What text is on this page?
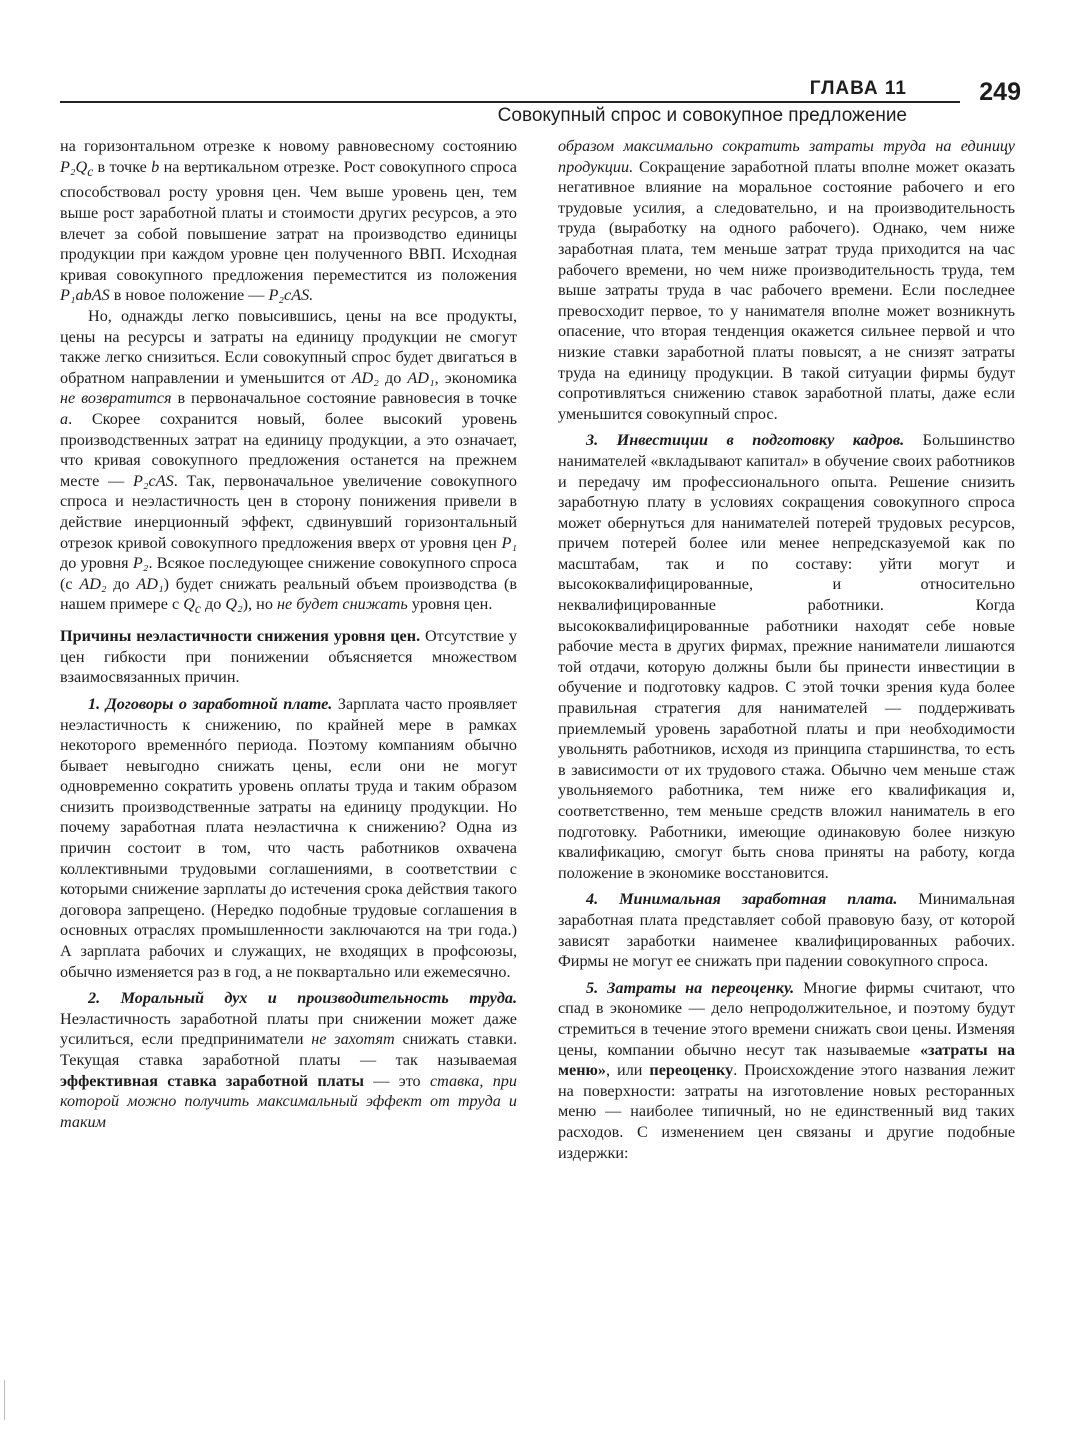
ГЛАВА 11	249
Совокупный спрос и совокупное предложение

на горизонтальном отрезке к новому равновесному состоянию $P_2Q_c$ в точке b на вертикальном отрезке. Рост совокупного спроса способствовал росту уровня цен. Чем выше уровень цен, тем выше рост заработной платы и стоимости других ресурсов, а это влечет за собой повышение затрат на производство единицы продукции при каждом уровне цен полученного ВВП. Исходная кривая совокупного предложения переместится из положения P₁abAS в новое положение — P₂cAS.

Но, однажды легко повысившись, цены на все продукты, цены на ресурсы и затраты на единицу продукции не смогут также легко снизиться. Если совокупный спрос будет двигаться в обратном направлении и уменьшится от AD₂ до AD₁, экономика не возвратится в первоначальное состояние равновесия в точке a. Скорее сохранится новый, более высокий уровень производственных затрат на единицу продукции, а это означает, что кривая совокупного предложения останется на прежнем месте — P₂cAS. Так, первоначальное увеличение совокупного спроса и неэластичность цен в сторону понижения привели в действие инерционный эффект, сдвинувший горизонтальный отрезок кривой совокупного предложения вверх от уровня цен P₁ до уровня P₂. Всякое последующее снижение совокупного спроса (с AD₂ до AD₁) будет снижать реальный объем производства (в нашем примере с $Q_c$ до Q₂), но не будет снижать уровня цен.

Причины неэластичности снижения уровня цен. Отсутствие у цен гибкости при понижении объясняется множеством взаимосвязанных причин.

1. Договоры о заработной плате. Зарплата часто проявляет неэластичность к снижению, по крайней мере в рамках некоторого временнóго периода. Поэтому компаниям обычно бывает невыгодно снижать цены, если они не могут одновременно сократить уровень оплаты труда и таким образом снизить производственные затраты на единицу продукции. Но почему заработная плата неэластична к снижению? Одна из причин состоит в том, что часть работников охвачена коллективными трудовыми соглашениями, в соответствии с которыми снижение зарплаты до истечения срока действия такого договора запрещено. (Нередко подобные трудовые соглашения в основных отраслях промышленности заключаются на три года.) А зарплата рабочих и служащих, не входящих в профсоюзы, обычно изменяется раз в год, а не поквартально или ежемесячно.

2. Моральный дух и производительность труда. Неэластичность заработной платы при снижении может даже усилиться, если предприниматели не захотят снижать ставки. Текущая ставка заработной платы — так называемая эффективная ставка заработной платы — это ставка, при которой можно получить максимальный эффект от труда и таким

образом максимально сократить затраты труда на единицу продукции. Сокращение заработной платы вполне может оказать негативное влияние на моральное состояние рабочего и его трудовые усилия, а следовательно, и на производительность труда (выработку на одного рабочего). Однако, чем ниже заработная плата, тем меньше затрат труда приходится на час рабочего времени, но чем ниже производительность труда, тем выше затраты труда в час рабочего времени. Если последнее превосходит первое, то у нанимателя вполне может возникнуть опасение, что вторая тенденция окажется сильнее первой и что низкие ставки заработной платы повысят, а не снизят затраты труда на единицу продукции. В такой ситуации фирмы будут сопротивляться снижению ставок заработной платы, даже если уменьшится совокупный спрос.

3. Инвестиции в подготовку кадров. Большинство нанимателей «вкладывают капитал» в обучение своих работников и передачу им профессионального опыта. Решение снизить заработную плату в условиях сокращения совокупного спроса может обернуться для нанимателей потерей трудовых ресурсов, причем потерей более или менее непредсказуемой как по масштабам, так и по составу: уйти могут и высококвалифицированные, и относительно неквалифицированные работники. Когда высококвалифицированные работники находят себе новые рабочие места в других фирмах, прежние наниматели лишаются той отдачи, которую должны были бы принести инвестиции в обучение и подготовку кадров. С этой точки зрения куда более правильная стратегия для нанимателей — поддерживать приемлемый уровень заработной платы и при необходимости увольнять работников, исходя из принципа старшинства, то есть в зависимости от их трудового стажа. Обычно чем меньше стаж увольняемого работника, тем ниже его квалификация и, соответственно, тем меньше средств вложил наниматель в его подготовку. Работники, имеющие одинаковую более низкую квалификацию, смогут быть снова приняты на работу, когда положение в экономике восстановится.

4. Минимальная заработная плата. Минимальная заработная плата представляет собой правовую базу, от которой зависят заработки наименее квалифицированных рабочих. Фирмы не могут ее снижать при падении совокупного спроса.

5. Затраты на переоценку. Многие фирмы считают, что спад в экономике — дело непродолжительное, и поэтому будут стремиться в течение этого времени снижать свои цены. Изменяя цены, компании обычно несут так называемые «затраты на меню», или переоценку. Происхождение этого названия лежит на поверхности: затраты на изготовление новых ресторанных меню — наиболее типичный, но не единственный вид таких расходов. С изменением цен связаны и другие подобные издержки:
